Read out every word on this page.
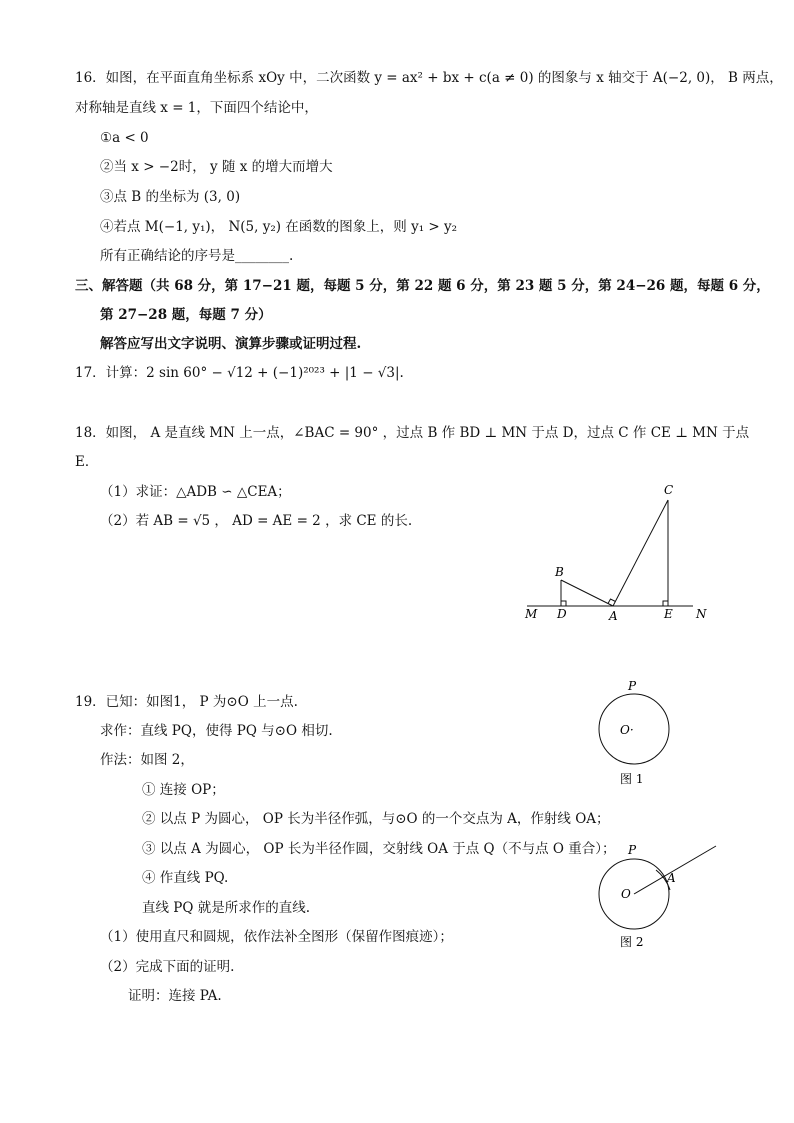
16．如图，在平面直角坐标系 xOy 中，二次函数 y = ax² + bx + c(a ≠ 0) 的图象与 x 轴交于 A(−2, 0)， B 两点，
对称轴是直线 x = 1，下面四个结论中，
①a < 0
②当 x > −2时， y 随 x 的增大而增大
③点 B 的坐标为 (3, 0)
④若点 M(−1, y₁)， N(5, y₂) 在函数的图象上，则 y₁ > y₂
所有正确结论的序号是________.
三、解答题（共 68 分，第 17−21 题，每题 5 分，第 22 题 6 分，第 23 题 5 分，第 24−26 题，每题 6 分，
第 27−28 题，每题 7 分）
解答应写出文字说明、演算步骤或证明过程.
17．计算：2 sin 60° − √12 + (−1)²⁰²³ + |1 − √3|.
18．如图， A 是直线 MN 上一点，∠BAC = 90° ，过点 B 作 BD ⊥ MN 于点 D，过点 C 作 CE ⊥ MN 于点
E．
（1）求证：△ADB ∽ △CEA；
（2）若 AB = √5 ， AD = AE = 2 ，求 CE 的长.
C
B
M D	A	E N
19．已知：如图1， P 为⊙O 上一点.
求作：直线 PQ，使得 PQ 与⊙O 相切.
作法：如图 2，
① 连接 OP；
② 以点 P 为圆心， OP 长为半径作弧，与⊙O 的一个交点为 A，作射线 OA；
③ 以点 A 为圆心， OP 长为半径作圆，交射线 OA 于点 Q（不与点 O 重合）；
④ 作直线 PQ.
直线 PQ 就是所求作的直线.
（1）使用直尺和圆规，依作法补全图形（保留作图痕迹）；
（2）完成下面的证明.
证明：连接 PA.
P
O·
图 1
P
O
A
图 2
